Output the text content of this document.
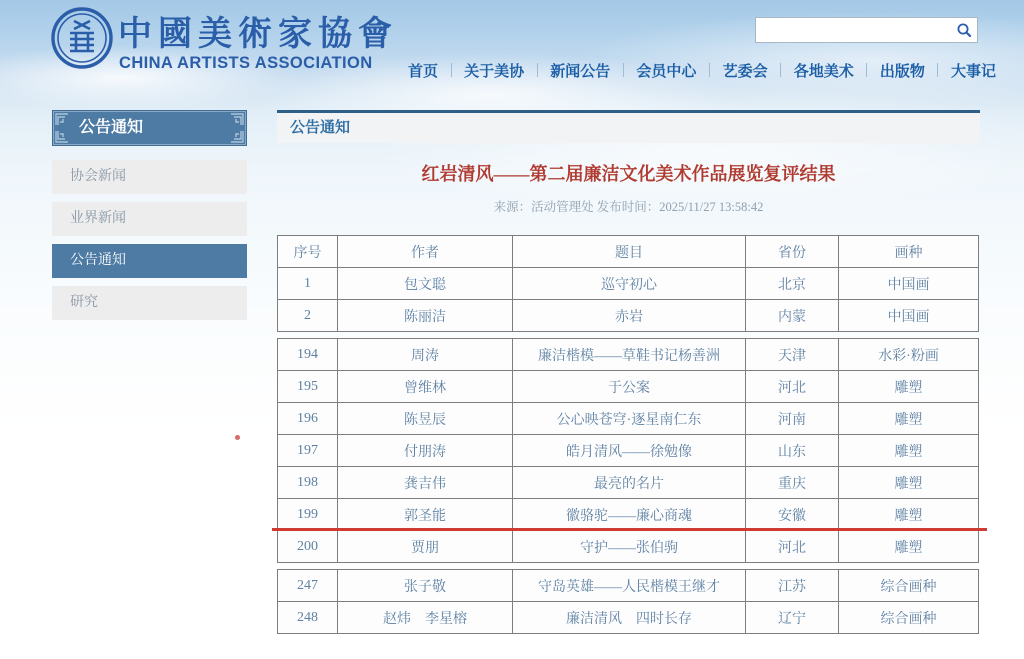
中國美術家協會
CHINA ARTISTS ASSOCIATION 首页 关于美协 新闻公告 会员中心 艺委会 各地美术 出版物 大事记
公告通知
协会新闻
业界新闻
公告通知
研究
公告通知
红岩清风——第二届廉洁文化美术作品展览复评结果
来源：活动管理处 发布时间：2025/11/27 13:58:42
序号	作者	题目	省份	画种
1	包文聪	巡守初心	北京	中国画
2	陈丽洁	赤岩	内蒙	中国画
194	周涛	廉洁楷模——草鞋书记杨善洲	天津	水彩·粉画
195	曾维林	于公案	河北	雕塑
196	陈昱辰	公心映苍穹·逐星南仁东	河南	雕塑
197	付朋涛	皓月清风——徐勉像	山东	雕塑
198	龚吉伟	最亮的名片	重庆	雕塑
199	郭圣能	徽骆驼——廉心商魂	安徽	雕塑
200	贾朋	守护——张伯驹	河北	雕塑
247	张子敬	守岛英雄——人民楷模王继才	江苏	综合画种
248	赵炜　李星榕	廉洁清风　四时长存	辽宁	综合画种
